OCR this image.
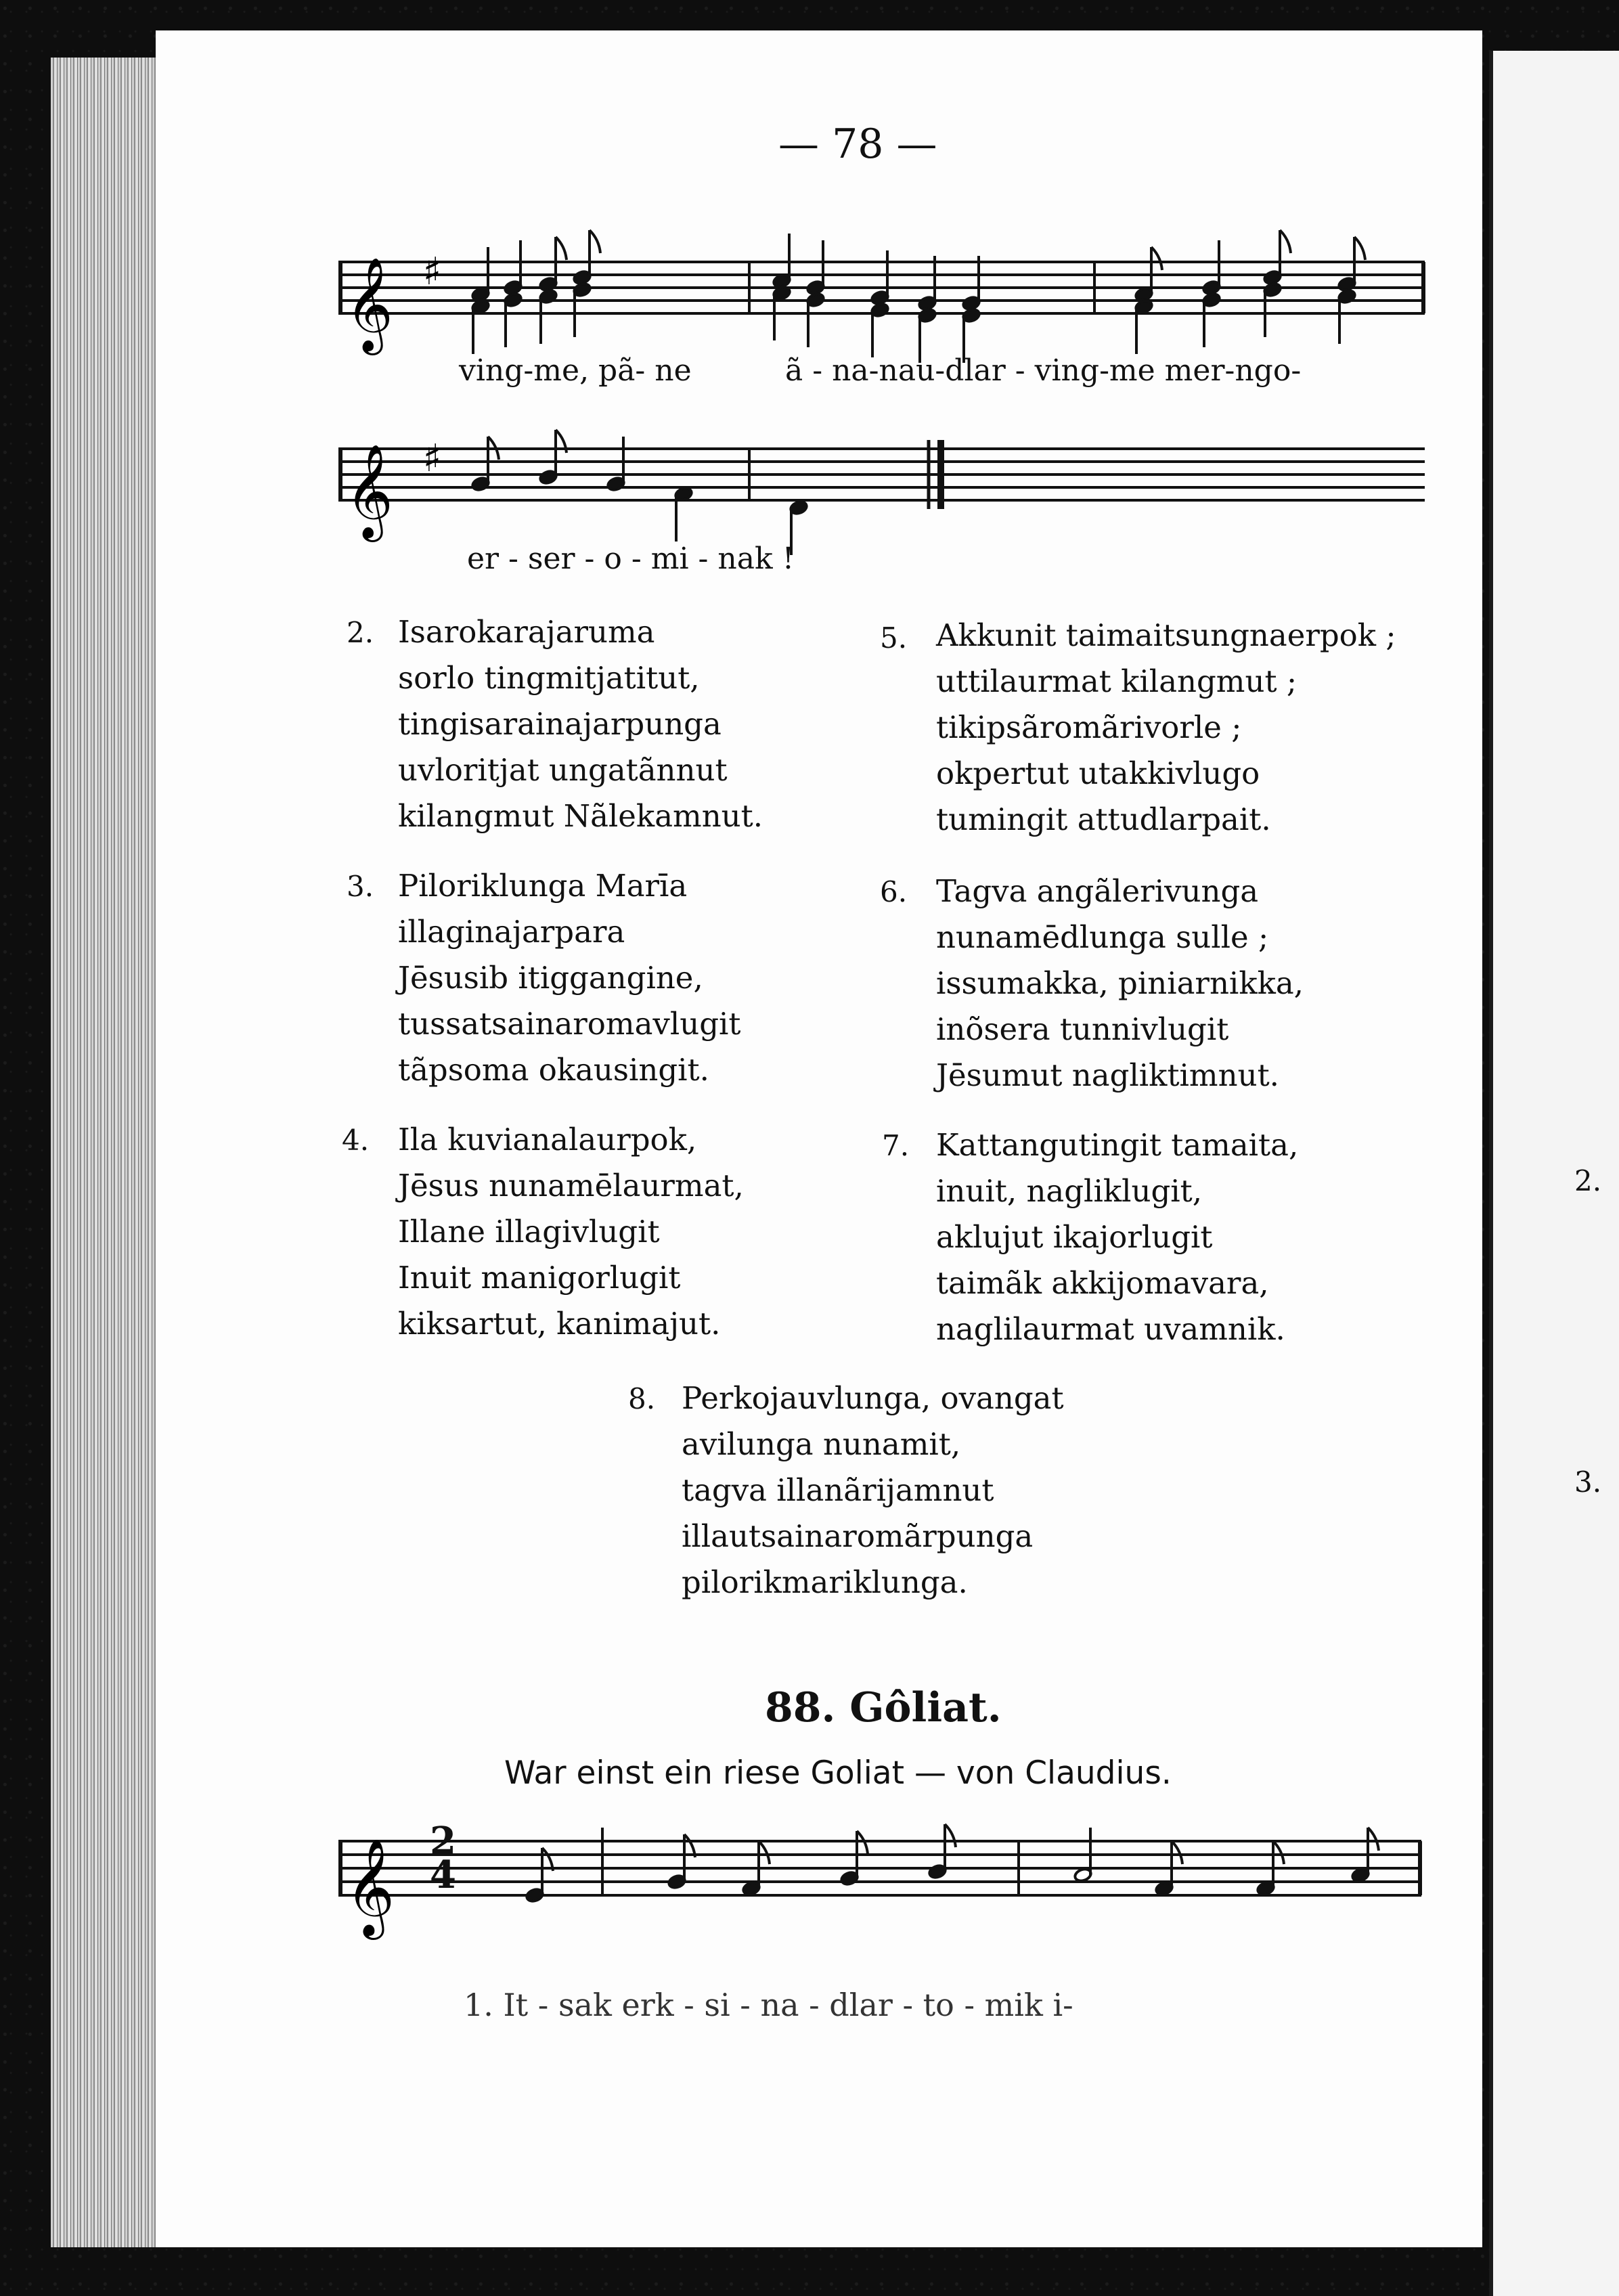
2.
3.
— 78 —
𝄞 ♯
𝄞 ♯
𝄞 2
4
ving-me, pã- ne	ã - na-nau-dlar - ving-me mer-ngo-
er - ser - o - mi - nak !
2. Isarokarajaruma
sorlo tingmitjatitut,
tingisarainajarpunga
uvloritjat ungatãnnut
kilangmut Nãlekamnut.
3. Piloriklunga Marīa
illaginajarpara
Jēsusib itiggangine,
tussatsainaromavlugit
tãpsoma okausingit.
4. Ila kuvianalaurpok,
Jēsus nunamēlaurmat,
Illane illagivlugit
Inuit manigorlugit
kiksartut, kanimajut.
5. Akkunit taimaitsungnaerpok ;
uttilaurmat kilangmut ;
tikipsãromãrivorle ;
okpertut utakkivlugo
tumingit attudlarpait.
6. Tagva angãlerivunga
nunamēdlunga sulle ;
issumakka, piniarnikka,
inõsera tunnivlugit
Jēsumut nagliktimnut.
7. Kattangutingit tamaita,
inuit, nagliklugit,
aklujut ikajorlugit
taimãk akkijomavara,
naglilaurmat uvamnik.
8. Perkojauvlunga, ovangat
avilunga nunamit,
tagva illanãrijamnut
illautsainaromãrpunga
pilorikmariklunga.
88. Gôliat.
War einst ein riese Goliat — von Claudius.
1. It - sak erk - si - na - dlar - to - mik i-
